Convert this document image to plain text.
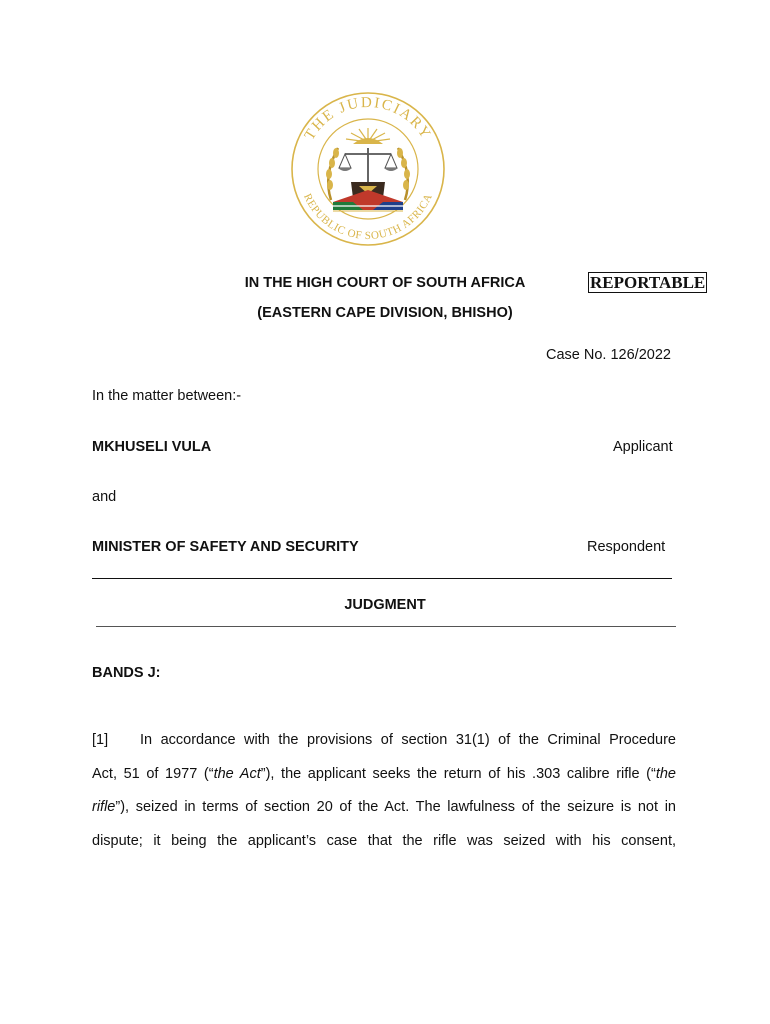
THE JUDICIARY
REPUBLIC OF SOUTH AFRICA
IN THE HIGH COURT OF SOUTH AFRICA	REPORTABLE
(EASTERN CAPE DIVISION, BHISHO)
Case No. 126/2022
In the matter between:-
MKHUSELI VULA	Applicant
and
MINISTER OF SAFETY AND SECURITY	Respondent
JUDGMENT
BANDS J:
[1]	In accordance with the provisions of section 31(1) of the Criminal Procedure
Act, 51 of 1977 (“the Act”), the applicant seeks the return of his .303 calibre rifle (“the
rifle”), seized in terms of section 20 of the Act. The lawfulness of the seizure is not in
dispute; it being the applicant’s case that the rifle was seized with his consent,
